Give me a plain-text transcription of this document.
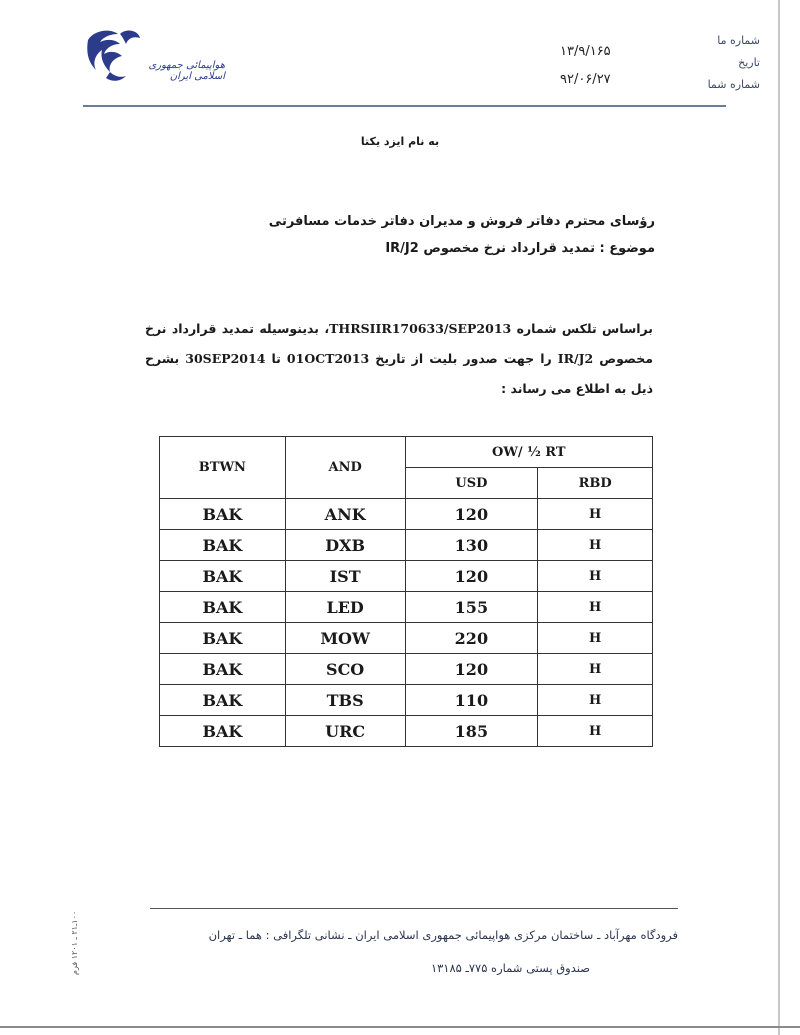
هواپیمائی جمهوری اسلامی ایران
شماره ما
تاریخ
شماره شما
۱۳/۹/۱۶۵
۹۲/۰۶/۲۷
به نام ایزد یکتا
رؤسای محترم دفاتر فروش و مدیران دفاتر خدمات مسافرتی
موضوع : تمدید قرارداد نرخ مخصوص IR/J2
براساس تلکس شماره THRSIIR170633/SEP2013، بدینوسیله تمدید قرارداد نرخ مخصوص IR/J2 را جهت صدور بلیت از تاریخ 01OCT2013 تا 30SEP2014 بشرح ذیل به اطلاع می رساند :
BTWN	AND	OW/ ½ RT	
		USD	RBD
BAK	ANK	120	H
BAK	DXB	130	H
BAK	IST	120	H
BAK	LED	155	H
BAK	MOW	220	H
BAK	SCO	120	H
BAK	TBS	110	H
BAK	URC	185	H
فرودگاه مهرآباد ـ ساختمان مرکزی هواپیمائی جمهوری اسلامی ایران ـ نشانی تلگرافی : هما ـ تهران
صندوق پستی شماره ۷۷۵ـ ۱۳۱۸۵
۱۰۰ـ۲۱ ـ ۱۲۰۱ فرم
